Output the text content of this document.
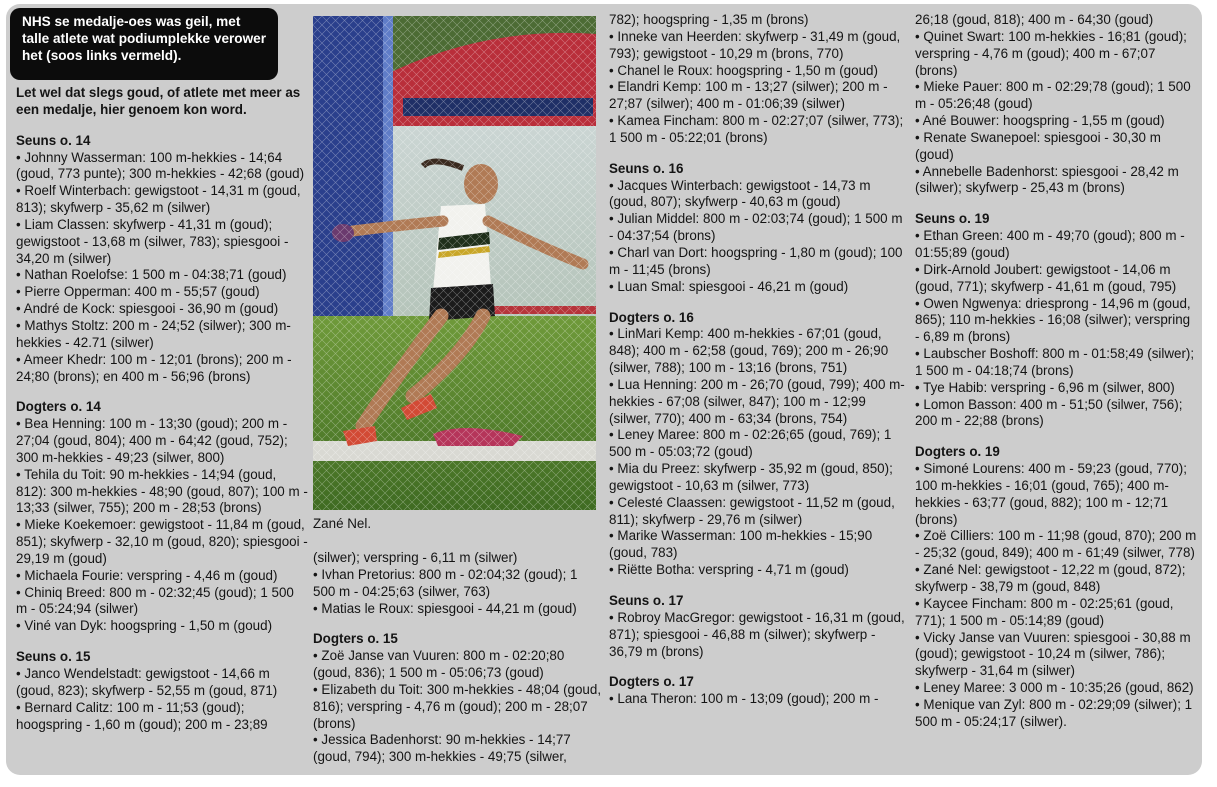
NHS se medalje-oes was geil, met talle atlete wat podiumplekke verower het (soos links vermeld).

Let wel dat slegs goud, of atlete met meer as een medalje, hier genoem kon word.

Seuns o. 14

• Johnny Wasserman: 100 m-hekkies - 14;64 (goud, 773 punte); 300 m-hekkies - 42;68 (goud)

• Roelf Winterbach: gewigstoot - 14,31 m (goud, 813); skyfwerp - 35,62 m (silwer)

• Liam Classen: skyfwerp - 41,31 m (goud); gewigstoot - 13,68 m (silwer, 783); spiesgooi - 34,20 m (silwer)

• Nathan Roelofse: 1 500 m - 04:38;71 (goud)

• Pierre Opperman: 400 m - 55;57 (goud)

• André de Kock: spiesgooi - 36,90 m (goud)

• Mathys Stoltz: 200 m - 24;52 (silwer); 300 m-hekkies - 42.71 (silwer)

• Ameer Khedr: 100 m - 12;01 (brons); 200 m - 24;80 (brons); en 400 m - 56;96 (brons)

Dogters o. 14

• Bea Henning: 100 m - 13;30 (goud); 200 m - 27;04 (goud, 804); 400 m - 64;42 (goud, 752); 300 m-hekkies - 49;23 (silwer, 800)

• Tehila du Toit: 90 m-hekkies - 14;94 (goud, 812): 300 m-hekkies - 48;90 (goud, 807); 100 m - 13;33 (silwer, 755); 200 m - 28;53 (brons)

• Mieke Koekemoer: gewigstoot - 11,84 m (goud, 851); skyfwerp - 32,10 m (goud, 820); spiesgooi - 29,19 m (goud)

• Michaela Fourie: verspring - 4,46 m (goud)

• Chiniq Breed: 800 m - 02:32;45 (goud); 1 500 m - 05:24;94 (silwer)

• Viné van Dyk: hoogspring - 1,50 m (goud)

Seuns o. 15

• Janco Wendelstadt: gewigstoot - 14,66 m (goud, 823); skyfwerp - 52,55 m (goud, 871)

• Bernard Calitz: 100 m - 11;53 (goud); hoogspring - 1,60 m (goud); 200 m - 23;89

Zané Nel.

(silwer); verspring - 6,11 m (silwer)

• Ivhan Pretorius: 800 m - 02:04;32 (goud); 1 500 m - 04:25;63 (silwer, 763)

• Matias le Roux: spiesgooi - 44,21 m (goud)

Dogters o. 15

• Zoë Janse van Vuuren: 800 m - 02:20;80 (goud, 836); 1 500 m - 05:06;73 (goud)

• Elizabeth du Toit: 300 m-hekkies - 48;04 (goud, 816); verspring - 4,76 m (goud); 200 m - 28;07 (brons)

• Jessica Badenhorst: 90 m-hekkies - 14;77 (goud, 794); 300 m-hekkies - 49;75 (silwer,

782); hoogspring - 1,35 m (brons)

• Inneke van Heerden: skyfwerp - 31,49 m (goud, 793); gewigstoot - 10,29 m (brons, 770)

• Chanel le Roux: hoogspring - 1,50 m (goud)

• Elandri Kemp: 100 m - 13;27 (silwer); 200 m - 27;87 (silwer); 400 m - 01:06;39 (silwer)

• Kamea Fincham: 800 m - 02:27;07 (silwer, 773); 1 500 m - 05:22;01 (brons)

Seuns o. 16

• Jacques Winterbach: gewigstoot - 14,73 m (goud, 807); skyfwerp - 40,63 m (goud)

• Julian Middel: 800 m - 02:03;74 (goud); 1 500 m - 04:37;54 (brons)

• Charl van Dort: hoogspring - 1,80 m (goud); 100 m - 11;45 (brons)

• Luan Smal: spiesgooi - 46,21 m (goud)

Dogters o. 16

• LinMari Kemp: 400 m-hekkies - 67;01 (goud, 848); 400 m - 62;58 (goud, 769); 200 m - 26;90 (silwer, 788); 100 m - 13;16 (brons, 751)

• Lua Henning: 200 m - 26;70 (goud, 799); 400 m-hekkies - 67;08 (silwer, 847); 100 m - 12;99 (silwer, 770); 400 m - 63;34 (brons, 754)

• Leney Maree: 800 m - 02:26;65 (goud, 769); 1 500 m - 05:03;72 (goud)

• Mia du Preez: skyfwerp - 35,92 m (goud, 850); gewigstoot - 10,63 m (silwer, 773)

• Celesté Claassen: gewigstoot - 11,52 m (goud, 811); skyfwerp - 29,76 m (silwer)

• Marike Wasserman: 100 m-hekkies - 15;90 (goud, 783)

• Riëtte Botha: verspring - 4,71 m (goud)

Seuns o. 17

• Robroy MacGregor: gewigstoot - 16,31 m (goud, 871); spiesgooi - 46,88 m (silwer); skyfwerp - 36,79 m (brons)

Dogters o. 17

• Lana Theron: 100 m - 13;09 (goud); 200 m -

26;18 (goud, 818); 400 m - 64;30 (goud)

• Quinet Swart: 100 m-hekkies - 16;81 (goud); verspring - 4,76 m (goud); 400 m - 67;07 (brons)

• Mieke Pauer: 800 m - 02:29;78 (goud); 1 500 m - 05:26;48 (goud)

• Ané Bouwer: hoogspring - 1,55 m (goud)

• Renate Swanepoel: spiesgooi - 30,30 m (goud)

• Annebelle Badenhorst: spiesgooi - 28,42 m (silwer); skyfwerp - 25,43 m (brons)

Seuns o. 19

• Ethan Green: 400 m - 49;70 (goud); 800 m - 01:55;89 (goud)

• Dirk-Arnold Joubert: gewigstoot - 14,06 m (goud, 771); skyfwerp - 41,61 m (goud, 795)

• Owen Ngwenya: driesprong - 14,96 m (goud, 865); 110 m-hekkies - 16;08 (silwer); verspring - 6,89 m (brons)

• Laubscher Boshoff: 800 m - 01:58;49 (silwer); 1 500 m - 04:18;74 (brons)

• Tye Habib: verspring - 6,96 m (silwer, 800)

• Lomon Basson: 400 m - 51;50 (silwer, 756); 200 m - 22;88 (brons)

Dogters o. 19

• Simoné Lourens: 400 m - 59;23 (goud, 770); 100 m-hekkies - 16;01 (goud, 765); 400 m-hekkies - 63;77 (goud, 882); 100 m - 12;71 (brons)

• Zoë Cilliers: 100 m - 11;98 (goud, 870); 200 m - 25;32 (goud, 849); 400 m - 61;49 (silwer, 778)

• Zané Nel: gewigstoot - 12,22 m (goud, 872); skyfwerp - 38,79 m (goud, 848)

• Kaycee Fincham: 800 m - 02:25;61 (goud, 771); 1 500 m - 05:14;89 (goud)

• Vicky Janse van Vuuren: spiesgooi - 30,88 m (goud); gewigstoot - 10,24 m (silwer, 786); skyfwerp - 31,64 m (silwer)

• Leney Maree: 3 000 m - 10:35;26 (goud, 862)

• Menique van Zyl: 800 m - 02:29;09 (silwer); 1 500 m - 05:24;17 (silwer).
